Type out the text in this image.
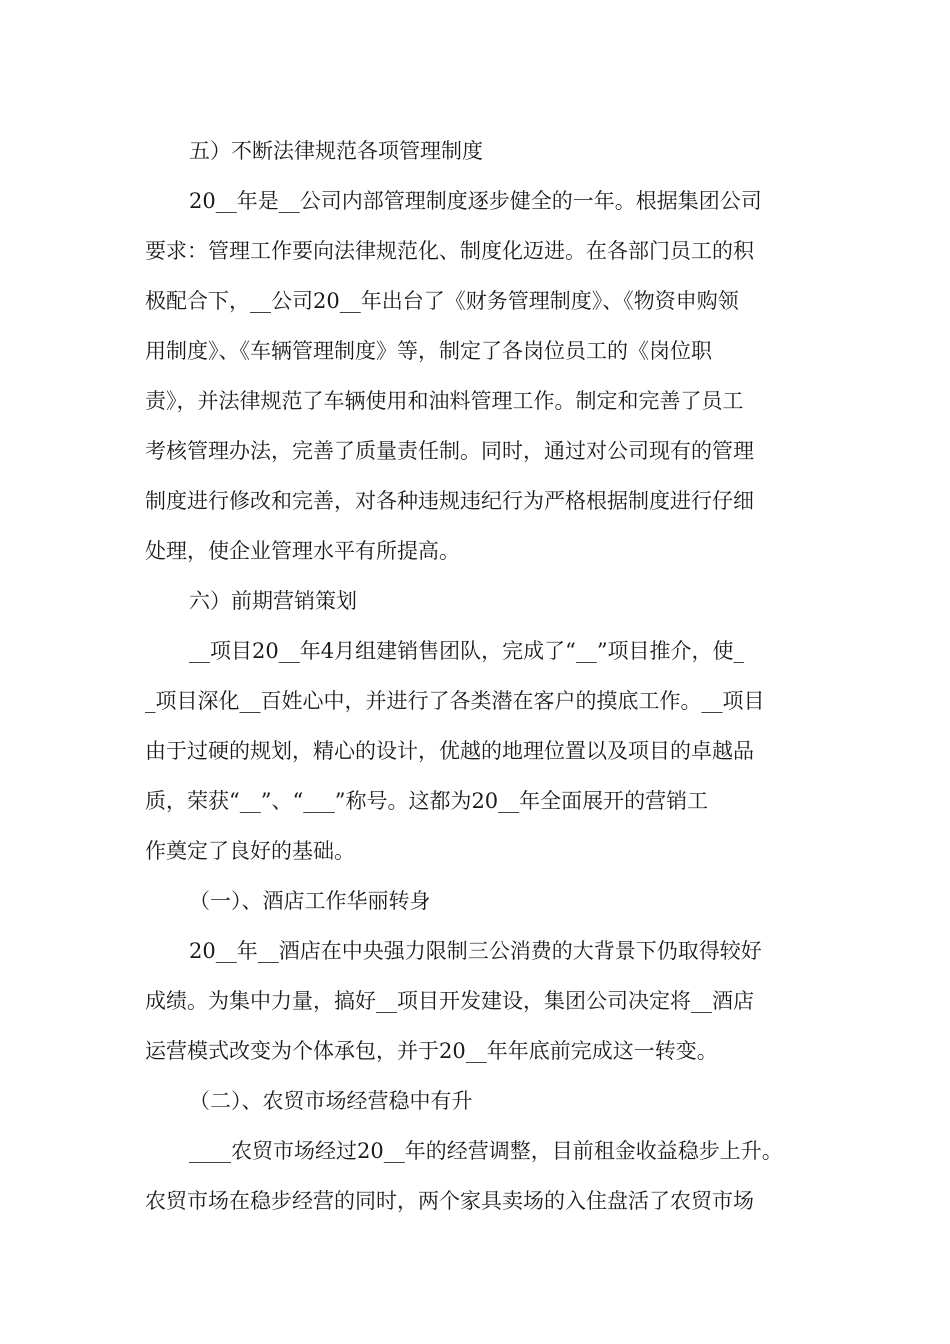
五）不断法律规范各项管理制度
20__年是__公司内部管理制度逐步健全的一年。根据集团公司
要求：管理工作要向法律规范化、制度化迈进。在各部门员工的积
极配合下，__公司20__年出台了《财务管理制度》、《物资申购领
用制度》、《车辆管理制度》等，制定了各岗位员工的《岗位职
责》，并法律规范了车辆使用和油料管理工作。制定和完善了员工
考核管理办法，完善了质量责任制。同时，通过对公司现有的管理
制度进行修改和完善，对各种违规违纪行为严格根据制度进行仔细
处理，使企业管理水平有所提高。
六）前期营销策划
__项目20__年4月组建销售团队，完成了“__”项目推介，使_
_项目深化__百姓心中，并进行了各类潜在客户的摸底工作。__项目
由于过硬的规划，精心的设计，优越的地理位置以及项目的卓越品
质，荣获“__”、“___”称号。这都为20__年全面展开的营销工
作奠定了良好的基础。
（一）、酒店工作华丽转身
20__年__酒店在中央强力限制三公消费的大背景下仍取得较好
成绩。为集中力量，搞好__项目开发建设，集团公司决定将__酒店
运营模式改变为个体承包，并于20__年年底前完成这一转变。
（二）、农贸市场经营稳中有升
____农贸市场经过20__年的经营调整，目前租金收益稳步上升。
农贸市场在稳步经营的同时，两个家具卖场的入住盘活了农贸市场
